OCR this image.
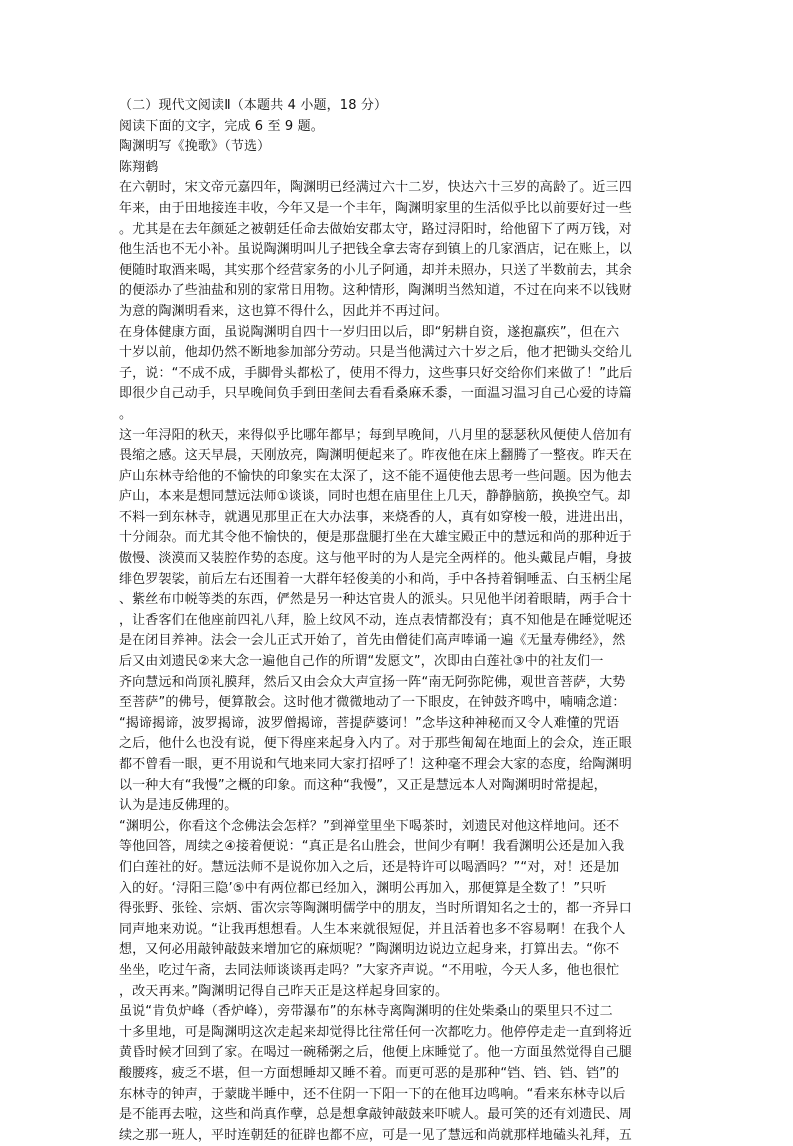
（二）现代文阅读Ⅱ（本题共 4 小题，18 分）
阅读下面的文字，完成 6 至 9 题。
陶渊明写《挽歌》（节选）
陈翔鹤
在六朝时，宋文帝元嘉四年，陶渊明已经满过六十二岁，快达六十三岁的高龄了。近三四
年来，由于田地接连丰收，今年又是一个丰年，陶渊明家里的生活似乎比以前要好过一些
。尤其是在去年颜延之被朝廷任命去做始安郡太守，路过浔阳时，给他留下了两万钱，对
他生活也不无小补。虽说陶渊明叫儿子把钱全拿去寄存到镇上的几家酒店，记在账上，以
便随时取酒来喝，其实那个经营家务的小儿子阿通，却并未照办，只送了半数前去，其余
的便添办了些油盐和别的家常日用物。这种情形，陶渊明当然知道，不过在向来不以钱财
为意的陶渊明看来，这也算不得什么，因此并不再过问。
在身体健康方面，虽说陶渊明自四十一岁归田以后，即“躬耕自资，遂抱羸疾”，但在六
十岁以前，他却仍然不断地参加部分劳动。只是当他满过六十岁之后，他才把锄头交给儿
子，说：“不成不成，手脚骨头都松了，使用不得力，这些事只好交给你们来做了！”此后
即很少自己动手，只早晚间负手到田垄间去看看桑麻禾黍，一面温习温习自己心爱的诗篇
。
这一年浔阳的秋天，来得似乎比哪年都早；每到早晚间，八月里的瑟瑟秋风便使人倍加有
畏缩之感。这天早晨，天刚放亮，陶渊明便起来了。昨夜他在床上翻腾了一整夜。昨天在
庐山东林寺给他的不愉快的印象实在太深了，这不能不逼使他去思考一些问题。因为他去
庐山，本来是想同慧远法师①谈谈，同时也想在庙里住上几天，静静脑筋，换换空气。却
不料一到东林寺，就遇见那里正在大办法事，来烧香的人，真有如穿梭一般，进进出出，
十分闹杂。而尤其令他不愉快的，便是那盘腿打坐在大雄宝殿正中的慧远和尚的那种近于
傲慢、淡漠而又装腔作势的态度。这与他平时的为人是完全两样的。他头戴昆卢帽，身披
绯色罗袈裟，前后左右还围着一大群年轻俊美的小和尚，手中各持着铜唾盂、白玉柄尘尾
、紫丝布巾帨等类的东西，俨然是另一种达官贵人的派头。只见他半闭着眼睛，两手合十
，让香客们在他座前四礼八拜，脸上纹风不动，连点表情都没有；真不知他是在睡觉呢还
是在闭目养神。法会一会儿正式开始了，首先由僧徒们高声唪诵一遍《无量寿佛经》，然
后又由刘遗民②来大念一遍他自己作的所谓“发愿文”，次即由白莲社③中的社友们一
齐向慧远和尚顶礼膜拜，然后又由会众大声宣扬一阵“南无阿弥陀佛，观世音菩萨，大势
至菩萨”的佛号，便算散会。这时他才微微地动了一下眼皮，在钟鼓齐鸣中，喃喃念道：
“揭谛揭谛，波罗揭谛，波罗僧揭谛，菩提萨婆诃！”念毕这种神秘而又令人难懂的咒语
之后，他什么也没有说，便下得座来起身入内了。对于那些匍匐在地面上的会众，连正眼
都不曾看一眼，更不用说和气地来同大家打招呼了！这种毫不理会大家的态度，给陶渊明
以一种大有“我慢”之概的印象。而这种“我慢”，又正是慧远本人对陶渊明时常提起，
认为是违反佛理的。
“渊明公，你看这个念佛法会怎样？”到禅堂里坐下喝茶时，刘遗民对他这样地问。还不
等他回答，周续之④接着便说：“真正是名山胜会，世间少有啊！我看渊明公还是加入我
们白莲社的好。慧远法师不是说你加入之后，还是特许可以喝酒吗？”“对，对！还是加
入的好。‘浔阳三隐’⑤中有两位都已经加入，渊明公再加入，那便算是全数了！”只听
得张野、张铨、宗炳、雷次宗等陶渊明儒学中的朋友，当时所谓知名之士的，都一齐异口
同声地来劝说。“让我再想想看。人生本来就很短促，并且活着也多不容易啊！在我个人
想，又何必用敲钟敲鼓来增加它的麻烦呢？”陶渊明边说边立起身来，打算出去。“你不
坐坐，吃过午斋，去同法师谈谈再走吗？”大家齐声说。“不用啦，今天人多，他也很忙
，改天再来。”陶渊明记得自己昨天正是这样起身回家的。
虽说“肯负炉峰（香炉峰），旁带瀑布”的东林寺离陶渊明的住处柴桑山的栗里只不过二
十多里地，可是陶渊明这次走起来却觉得比往常任何一次都吃力。他停停走走一直到将近
黄昏时候才回到了家。在喝过一碗稀粥之后，他便上床睡觉了。他一方面虽然觉得自己腿
酸腰疼，疲乏不堪，但一方面想睡却又睡不着。而更可恶的是那种“铛、铛、铛、铛”的
东林寺的钟声，于蒙眬半睡中，还不住阴一下阳一下的在他耳边鸣响。“看来东林寺以后
是不能再去啦，这些和尚真作孽，总是想拿敲钟敲鼓来吓唬人。最可笑的还有刘遗民、周
续之那一班人，平时连朝廷的征辟也都不应，可是一见了慧远和尚就那样地磕头礼拜，五
